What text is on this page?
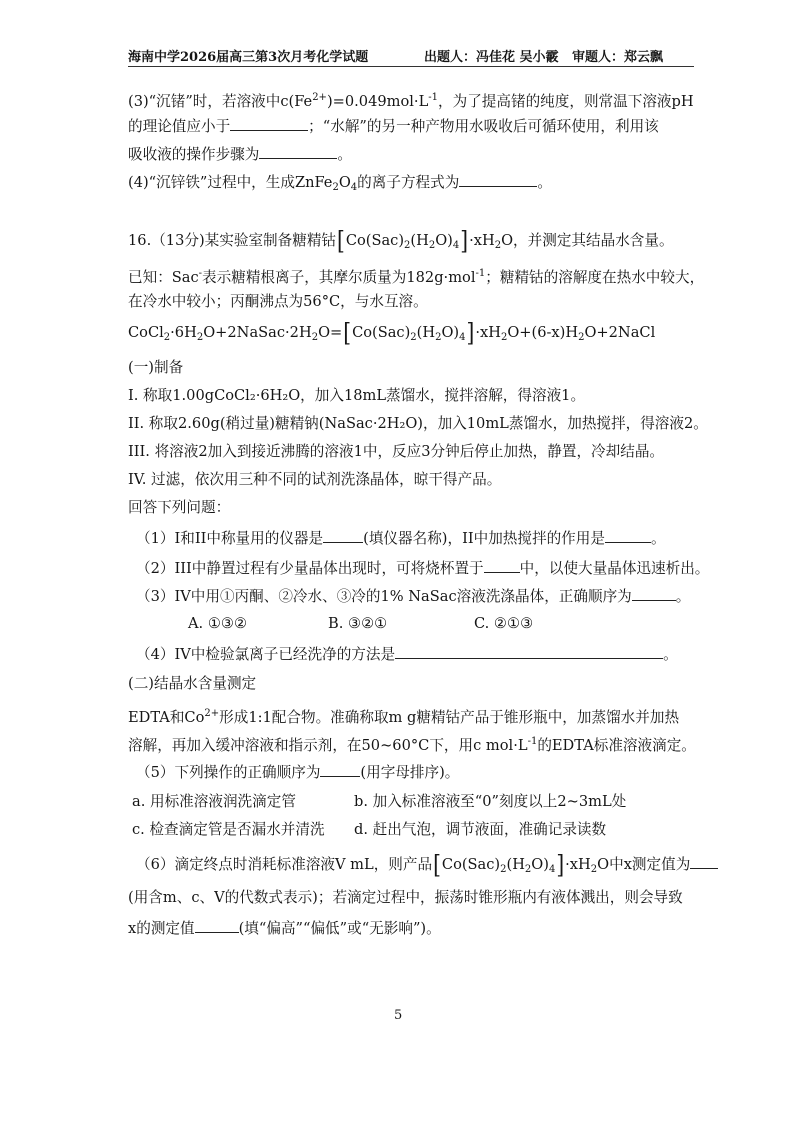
海南中学2026届高三第3次月考化学试题	出题人：冯佳花 吴小霰 审题人：郑云飘
(3)“沉锗”时，若溶液中$c(Fe^{2+})=0.049mol\cdot L^{-1}$，为了提高锗的纯度，则常温下溶液pH
的理论值应小于	；“水解”的另一种产物用水吸收后可循环使用，利用该
吸收液的操作步骤为	。
(4)“沉锌铁”过程中，生成$ZnFe_2O_4$的离子方程式为	。
16.（13分)某实验室制备糖精钴$[Co(Sac)_2(H_2O)_4]\cdot xH_2O$，并测定其结晶水含量。
已知：Sac-表示糖精根离子，其摩尔质量为182g·mol$^{-1}$；糖精钴的溶解度在热水中较大，
在冷水中较小；丙酮沸点为56°C，与水互溶。
$CoCl_2\cdot 6H_2O+2NaSac\cdot 2H_2O=[Co(Sac)_2(H_2O)_4]\cdot xH_2O+(6-x)H_2O+2NaCl$
(一)制备
I. 称取1.00gCoCl₂·6H₂O，加入18mL蒸馏水，搅拌溶解，得溶液1。
II. 称取2.60g(稍过量)糖精钠(NaSac·2H₂O)，加入10mL蒸馏水，加热搅拌，得溶液2。
III. 将溶液2加入到接近沸腾的溶液1中，反应3分钟后停止加热，静置，冷却结晶。
IV. 过滤，依次用三种不同的试剂洗涤晶体，晾干得产品。
回答下列问题：
（1）I和II中称量用的仪器是	(填仪器名称)，II中加热搅拌的作用是	。
（2）III中静置过程有少量晶体出现时，可将烧杯置于 中，以使大量晶体迅速析出。
（3）IV中用①丙酮、②冷水、③冷的1% NaSac溶液洗涤晶体，正确顺序为	。
A. ①③②	B. ③②①	C. ②①③
（4）IV中检验氯离子已经洗净的方法是	。
(二)结晶水含量测定
EDTA和$Co^{2+}$形成1:1配合物。准确称取m g糖精钴产品于锥形瓶中，加蒸馏水并加热
溶解，再加入缓冲溶液和指示剂，在50~60°C下，用c $mol\cdot L^{-1}$的EDTA标准溶液滴定。
（5）下列操作的正确顺序为	(用字母排序)。
a. 用标准溶液润洗滴定管	b. 加入标准溶液至“0”刻度以上2~3mL处
c. 检查滴定管是否漏水并清洗 d. 赶出气泡，调节液面，准确记录读数
（6）滴定终点时消耗标准溶液V mL，则产品$[Co(Sac)_2(H_2O)_4]\cdot xH_2O$中x测定值为
(用含m、c、V的代数式表示)；若滴定过程中，振荡时锥形瓶内有液体溅出，则会导致
x的测定值	(填“偏高”“偏低”或“无影响”)。
5
